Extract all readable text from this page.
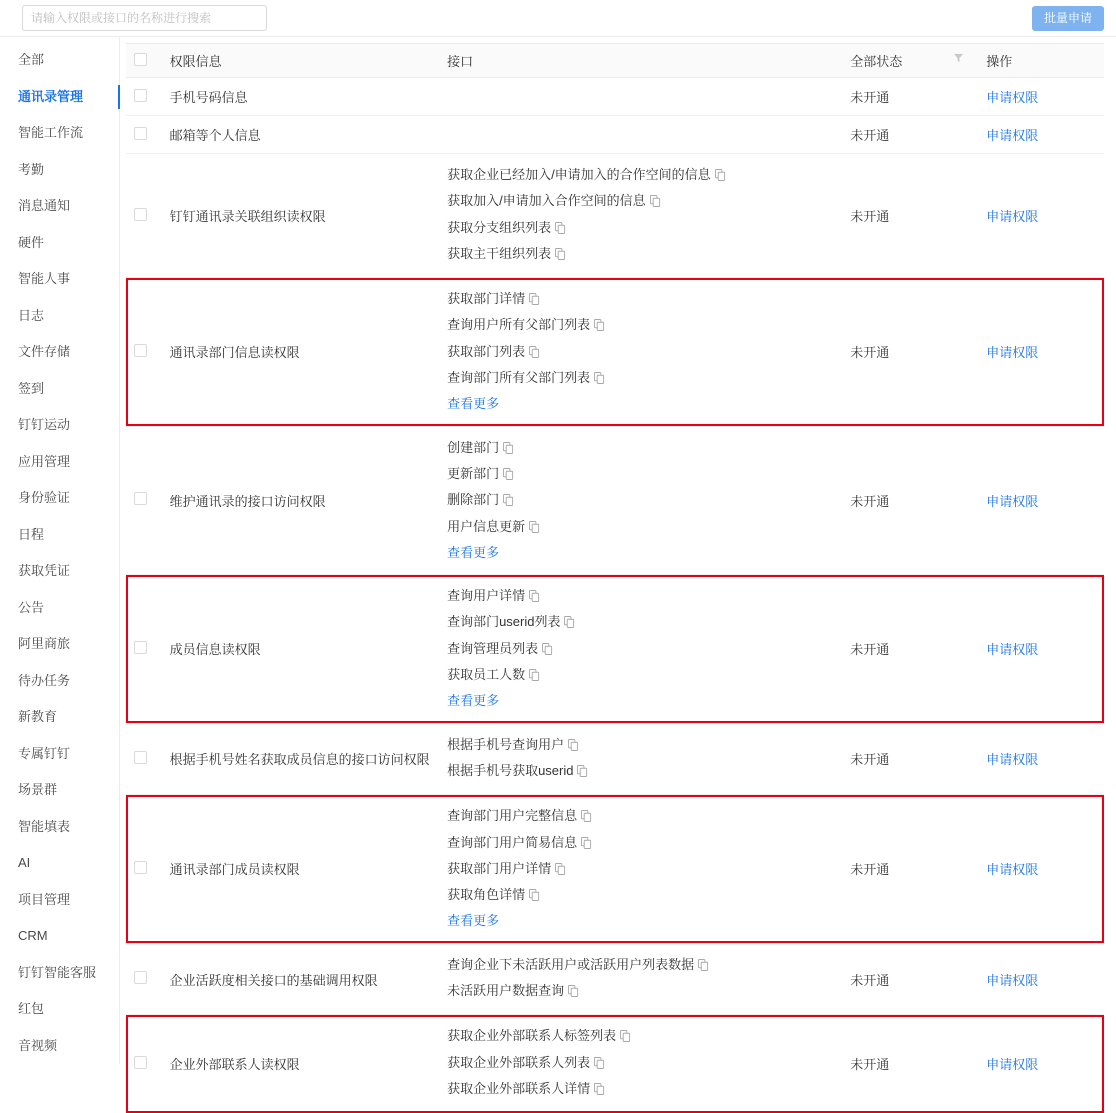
请输入权限或接口的名称进行搜索
批量申请
全部
通讯录管理
智能工作流
考勤
消息通知
硬件
智能人事
日志
文件存储
签到
钉钉运动
应用管理
身份验证
日程
获取凭证
公告
阿里商旅
待办任务
新教育
专属钉钉
场景群
智能填表
AI
项目管理
CRM
钉钉智能客服
红包
音视频
	权限信息	接口	全部状态	操作
	手机号码信息		未开通	申请权限
	邮箱等个人信息		未开通	申请权限
	钉钉通讯录关联组织读权限	获取企业已经加入/申请加入的合作空间的信息
获取加入/申请加入合作空间的信息
获取分支组织列表
获取主干组织列表	未开通	申请权限
	通讯录部门信息读权限	获取部门详情
查询用户所有父部门列表
获取部门列表
查询部门所有父部门列表
查看更多	未开通	申请权限
	维护通讯录的接口访问权限	创建部门
更新部门
删除部门
用户信息更新
查看更多	未开通	申请权限
	成员信息读权限	查询用户详情
查询部门userid列表
查询管理员列表
获取员工人数
查看更多	未开通	申请权限
	根据手机号姓名获取成员信息的接口访问权限	根据手机号查询用户
根据手机号获取userid	未开通	申请权限
	通讯录部门成员读权限	查询部门用户完整信息
查询部门用户简易信息
获取部门用户详情
获取角色详情
查看更多	未开通	申请权限
	企业活跃度相关接口的基础调用权限	查询企业下未活跃用户或活跃用户列表数据
未活跃用户数据查询	未开通	申请权限
	企业外部联系人读权限	获取企业外部联系人标签列表
获取企业外部联系人列表
获取企业外部联系人详情	未开通	申请权限
